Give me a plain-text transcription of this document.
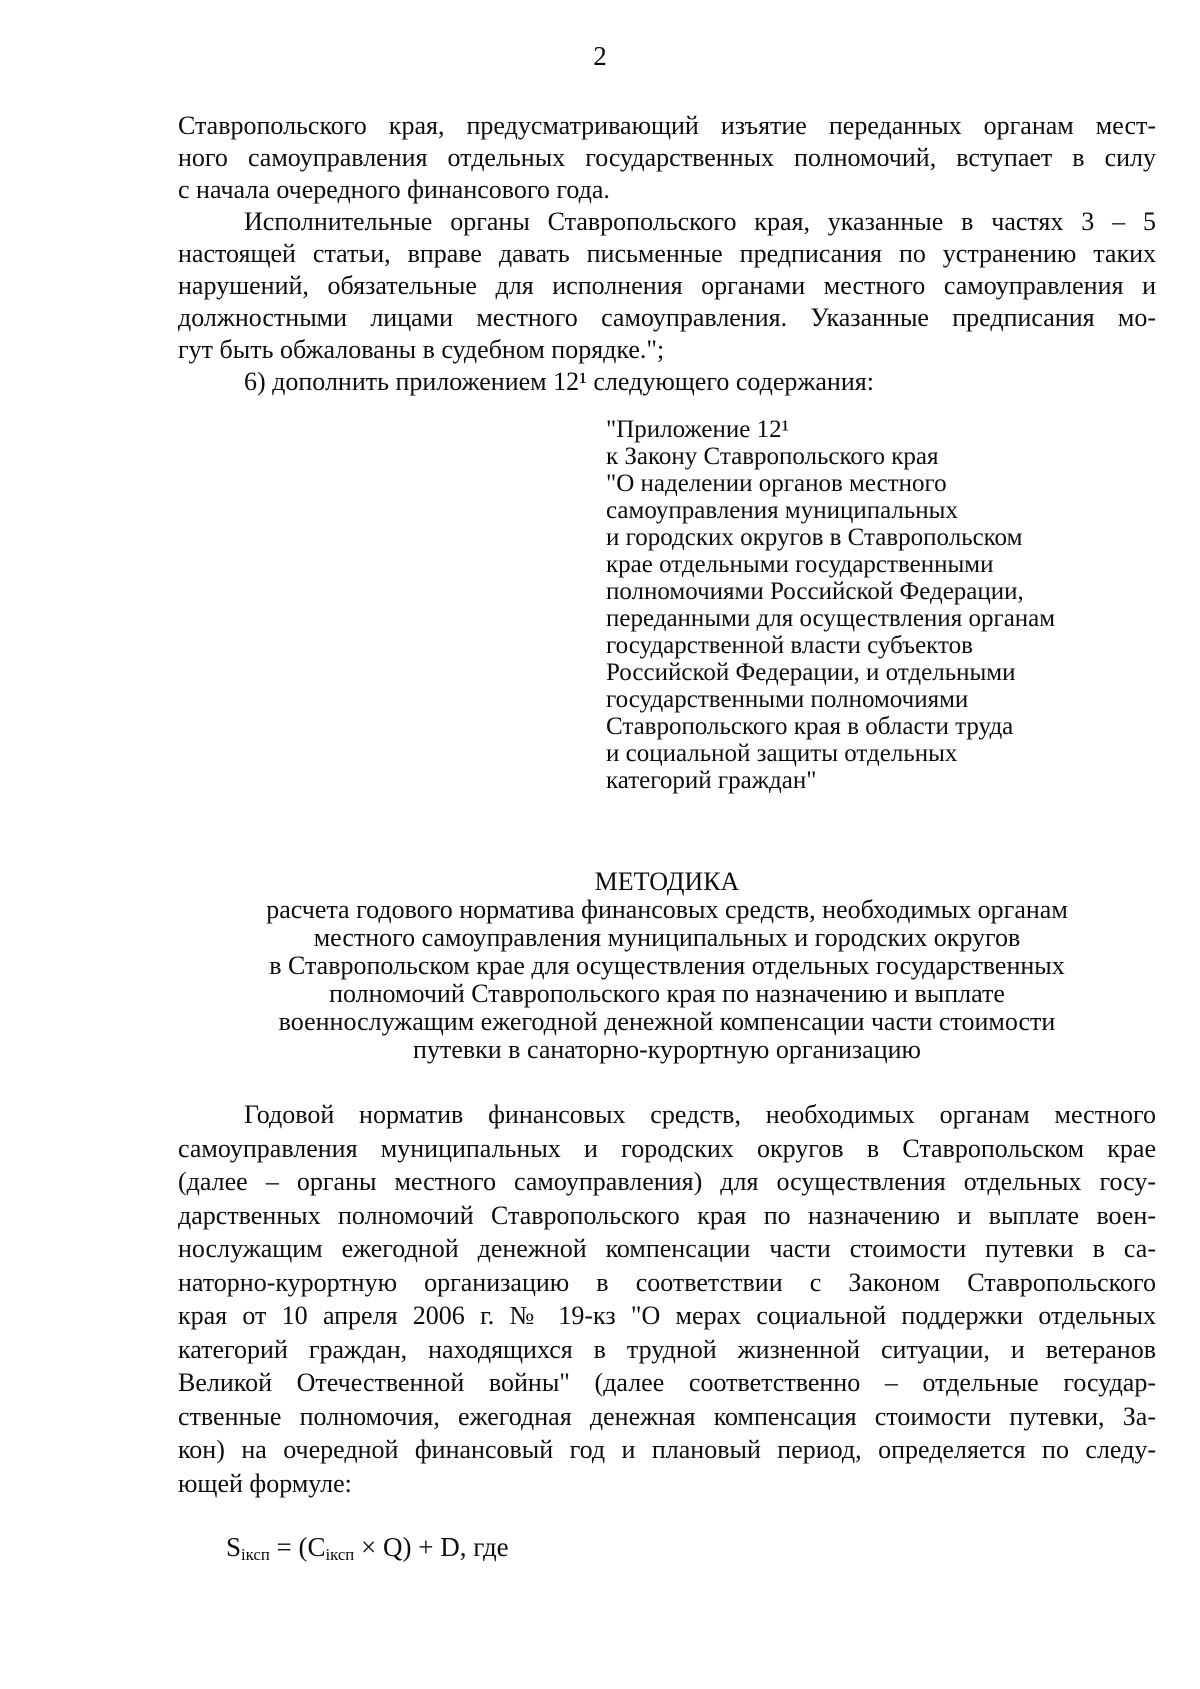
2
Ставропольского края, предусматривающий изъятие переданных органам мест-
ного самоуправления отдельных государственных полномочий, вступает в силу
с начала очередного финансового года.
Исполнительные органы Ставропольского края, указанные в частях 3 – 5
настоящей статьи, вправе давать письменные предписания по устранению таких
нарушений, обязательные для исполнения органами местного самоуправления и
должностными лицами местного самоуправления. Указанные предписания мо-
гут быть обжалованы в судебном порядке.";
6) дополнить приложением 12¹ следующего содержания:
"Приложение 12¹
к Закону Ставропольского края
"О наделении органов местного
самоуправления муниципальных
и городских округов в Ставропольском
крае отдельными государственными
полномочиями Российской Федерации,
переданными для осуществления органам
государственной власти субъектов
Российской Федерации, и отдельными
государственными полномочиями
Ставропольского края в области труда
и социальной защиты отдельных
категорий граждан"
МЕТОДИКА
расчета годового норматива финансовых средств, необходимых органам
местного самоуправления муниципальных и городских округов
в Ставропольском крае для осуществления отдельных государственных
полномочий Ставропольского края по назначению и выплате
военнослужащим ежегодной денежной компенсации части стоимости
путевки в санаторно-курортную организацию
Годовой норматив финансовых средств, необходимых органам местного
самоуправления муниципальных и городских округов в Ставропольском крае
(далее – органы местного самоуправления) для осуществления отдельных госу-
дарственных полномочий Ставропольского края по назначению и выплате воен-
нослужащим ежегодной денежной компенсации части стоимости путевки в са-
наторно-курортную организацию в соответствии с Законом Ставропольского
края от 10 апреля 2006 г. № 19-кз "О мерах социальной поддержки отдельных
категорий граждан, находящихся в трудной жизненной ситуации, и ветеранов
Великой Отечественной войны" (далее соответственно – отдельные государ-
ственные полномочия, ежегодная денежная компенсация стоимости путевки, За-
кон) на очередной финансовый год и плановый период, определяется по следу-
ющей формуле:
$S_{iксп} = (C_{iксп} \times Q) + D$, где
